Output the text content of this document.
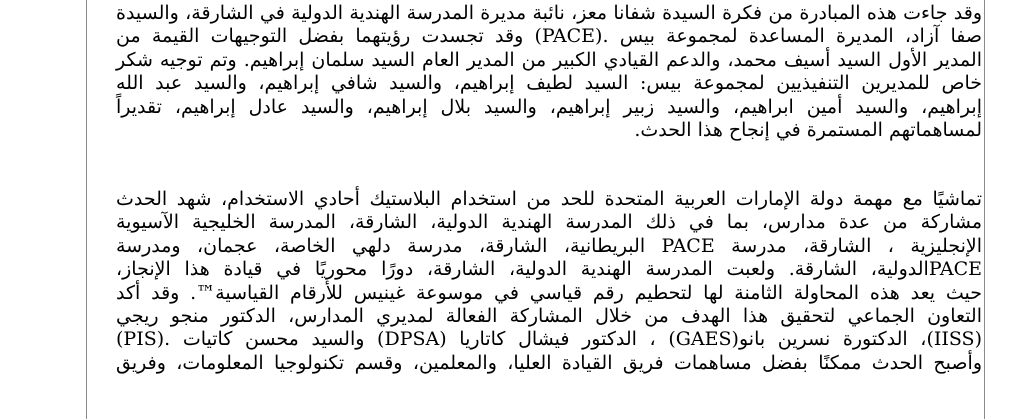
وقد جاءت هذه المبادرة من فكرة السيدة شفانا معز، نائبة مديرة المدرسة الهندية الدولية في الشارقة، والسيدة
صفا آزاد، المديرة المساعدة لمجموعة بيس .(PACE) وقد تجسدت رؤيتهما بفضل التوجيهات القيمة من
المدير الأول السيد أسيف محمد، والدعم القيادي الكبير من المدير العام السيد سلمان إبراهيم. وتم توجيه شكر
خاص للمديرين التنفيذيين لمجموعة بيس: السيد لطيف إبراهيم، والسيد شافي إبراهيم، والسيد عبد الله
إبراهيم، والسيد أمين ابراهيم، والسيد زبير إبراهيم، والسيد بلال إبراهيم، والسيد عادل إبراهيم، تقديراً
لمساهماتهم المستمرة في إنجاح هذا الحدث.
تماشيًا مع مهمة دولة الإمارات العربية المتحدة للحد من استخدام البلاستيك أحادي الاستخدام، شهد الحدث
مشاركة من عدة مدارس، بما في ذلك المدرسة الهندية الدولية، الشارقة، المدرسة الخليجية الآسيوية
الإنجليزية ، الشارقة، مدرسة PACE البريطانية، الشارقة، مدرسة دلهي الخاصة، عجمان، ومدرسة
PACEالدولية، الشارقة. ولعبت المدرسة الهندية الدولية، الشارقة، دورًا محوريًا في قيادة هذا الإنجاز،
حيث يعد هذه المحاولة الثامنة لها لتحطيم رقم قياسي في موسوعة غينيس للأرقام القياسية™. وقد أكد
التعاون الجماعي لتحقيق هذا الهدف من خلال المشاركة الفعالة لمديري المدارس، الدكتور منجو ريجي
(IISS)، الدكتورة نسرين بانو(GAES) ، الدكتور فيشال كاتاريا (DPSA) والسيد محسن كاتيات .(PIS)
وأصبح الحدث ممكنًا بفضل مساهمات فريق القيادة العليا، والمعلمين، وقسم تكنولوجيا المعلومات، وفريق
